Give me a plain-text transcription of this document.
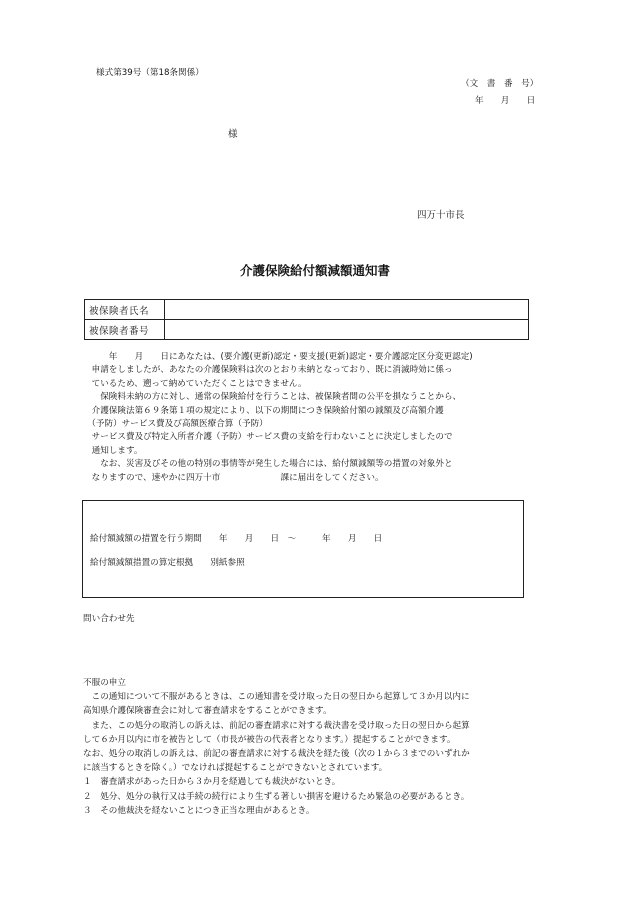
様式第39号（第18条関係）
（文　書　番　号）
年　　月　　日
様
四万十市長
介護保険給付額減額通知書
被保険者氏名	
被保険者番号	
　　　年　　月　　日にあなたは、(要介護(更新)認定・要支援(更新)認定・要介護認定区分変更認定)
　申請をしましたが、あなたの介護保険料は次のとおり未納となっており、既に消滅時効に係っ
　ているため、遡って納めていただくことはできません。
　　保険料未納の方に対し、通常の保険給付を行うことは、被保険者間の公平を損なうことから、
　介護保険法第６９条第１項の規定により、以下の期間につき保険給付額の減額及び高額介護
　（予防）サービス費及び高額医療合算（予防）
　サービス費及び特定入所者介護（予防）サービス費の支給を行わないことに決定しましたので
　通知します。
　　なお、災害及びその他の特別の事情等が発生した場合には、給付額減額等の措置の対象外と
　なりますので、速やかに四万十市　　　　　　　課に届出をしてください。
給付額減額の措置を行う期間　　年　　月　　日　～　　　年　　月　　日
給付額減額措置の算定根拠　　別紙参照
問い合わせ先
不服の申立
　この通知について不服があるときは、この通知書を受け取った日の翌日から起算して３か月以内に
高知県介護保険審査会に対して審査請求をすることができます。
　また、この処分の取消しの訴えは、前記の審査請求に対する裁決書を受け取った日の翌日から起算
して６か月以内に市を被告として（市長が被告の代表者となります。）提起することができます。
なお、処分の取消しの訴えは、前記の審査請求に対する裁決を経た後（次の１から３までのいずれか
に該当するときを除く。）でなければ提起することができないとされています。
１　審査請求があった日から３か月を経過しても裁決がないとき。
２　処分、処分の執行又は手続の続行により生ずる著しい損害を避けるため緊急の必要があるとき。
３　その他裁決を経ないことにつき正当な理由があるとき。
